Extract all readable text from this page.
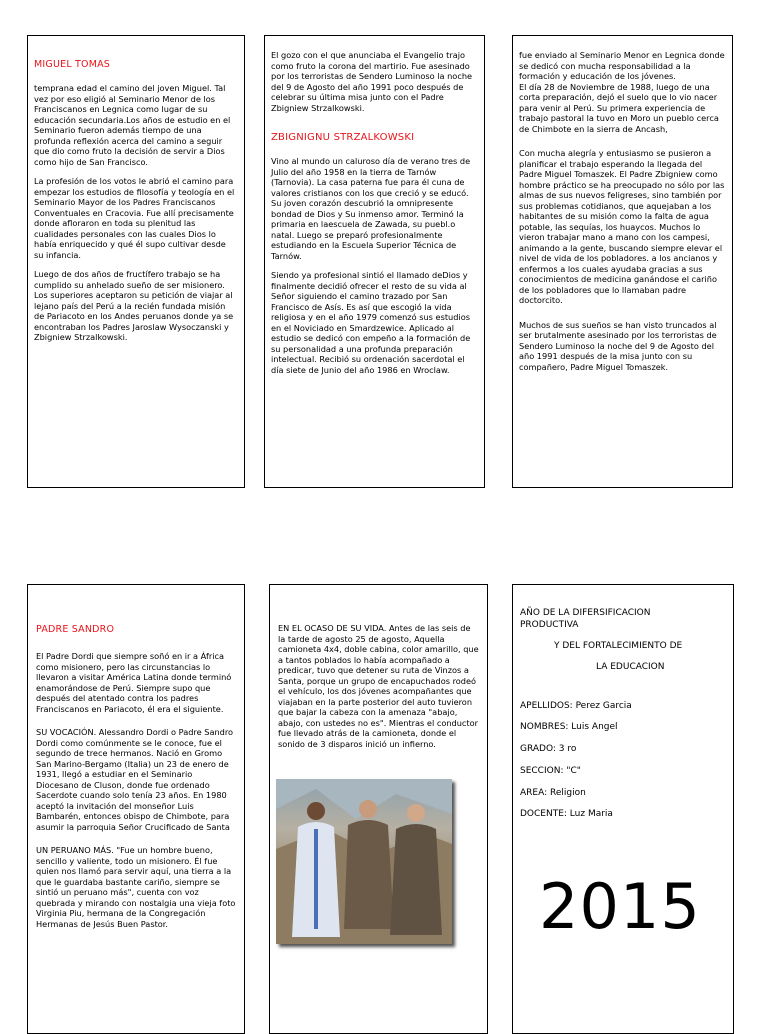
MIGUEL TOMAS

temprana edad el camino del joven Miguel. Tal vez por eso eligió al Seminario Menor de los Franciscanos en Legnica como lugar de su educación secundaria.Los años de estudio en el Seminario fueron además tiempo de una profunda reflexión acerca del camino a seguir que dio como fruto la decisión de servir a Dios como hijo de San Francisco.

La profesión de los votos le abrió el camino para empezar los estudios de filosofía y teología en el Seminario Mayor de los Padres Franciscanos Conventuales en Cracovia. Fue allí precisamente donde afloraron en toda su plenitud las cualidades personales con las cuales Dios lo había enriquecido y qué él supo cultivar desde su infancia.

Luego de dos años de fructífero trabajo se ha cumplido su anhelado sueño de ser misionero. Los superiores aceptaron su petición de viajar al lejano país del Perú a la recién fundada misión de Pariacoto en los Andes peruanos donde ya se encontraban los Padres Jaroslaw Wysoczanski y Zbigniew Strzalkowski.

El gozo con el que anunciaba el Evangelio trajo como fruto la corona del martirio. Fue asesinado por los terroristas de Sendero Luminoso la noche del 9 de Agosto del año 1991 poco después de celebrar su última misa junto con el Padre Zbigniew Strzalkowski.

ZBIGNIGNU STRZALKOWSKI

Vino al mundo un caluroso día de verano tres de Julio del año 1958 en la tierra de Tarnów (Tarnovia). La casa paterna fue para él cuna de valores cristianos con los que creció y se educó. Su joven corazón descubrió la omnipresente bondad de Dios y Su inmenso amor. Terminó la primaria en laescuela de Zawada, su puebl.o natal. Luego se preparó profesionalmente estudiando en la Escuela Superior Técnica de Tarnów.

Siendo ya profesional sintió el llamado deDios y finalmente decidió ofrecer el resto de su vida al Señor siguiendo el camino trazado por San Francisco de Asís. Es así que escogió la vida religiosa y en el año 1979 comenzó sus estudios en el Noviciado en Smardzewice. Aplicado al estudio se dedicó con empeño a la formación de su personalidad a una profunda preparación intelectual. Recibió su ordenación sacerdotal el día siete de Junio del año 1986 en Wroclaw.

fue enviado al Seminario Menor en Legnica donde se dedicó con mucha responsabilidad a la formación y educación de los jóvenes.

El día 28 de Noviembre de 1988, luego de una corta preparación, dejó el suelo que lo vio nacer para venir al Perú. Su primera experiencia de trabajo pastoral la tuvo en Moro un pueblo cerca de Chimbote en la sierra de Ancash,

Con mucha alegría y entusiasmo se pusieron a planificar el trabajo esperando la llegada del Padre Miguel Tomaszek. El Padre Zbigniew como hombre práctico se ha preocupado no sólo por las almas de sus nuevos feligreses, sino también por sus problemas cotidianos, que aquejaban a los habitantes de su misión como la falta de agua potable, las sequías, los huaycos. Muchos lo vieron trabajar mano a mano con los campesi, animando a la gente, buscando siempre elevar el nivel de vida de los pobladores. a los ancianos y enfermos a los cuales ayudaba gracias a sus conocimientos de medicina ganándose el cariño de los pobladores que lo llamaban padre doctorcito.

Muchos de sus sueños se han visto truncados al ser brutalmente asesinado por los terroristas de Sendero Luminoso la noche del 9 de Agosto del año 1991 después de la misa junto con su compañero, Padre Miguel Tomaszek.

PADRE SANDRO

El Padre Dordi que siempre soñó en ir a África como misionero, pero las circunstancias lo llevaron a visitar América Latina donde terminó enamorándose de Perú. Siempre supo que después del atentado contra los padres Franciscanos en Pariacoto, él era el siguiente.

SU VOCACIÓN. Alessandro Dordi o Padre Sandro Dordi como comúnmente se le conoce, fue el segundo de trece hermanos. Nació en Gromo San Marino-Bergamo (Italia) un 23 de enero de 1931, llegó a estudiar en el Seminario Diocesano de Cluson, donde fue ordenado Sacerdote cuando solo tenía 23 años. En 1980 aceptó la invitación del monseñor Luis Bambarén, entonces obispo de Chimbote, para asumir la parroquia Señor Crucificado de Santa

UN PERUANO MÁS. "Fue un hombre bueno, sencillo y valiente, todo un misionero. Él fue quien nos llamó para servir aquí, una tierra a la que le guardaba bastante cariño, siempre se sintió un peruano más", cuenta con voz quebrada y mirando con nostalgia una vieja foto Virginia Piu, hermana de la Congregación Hermanas de Jesús Buen Pastor.

EN EL OCASO DE SU VIDA. Antes de las seis de la tarde de agosto 25 de agosto, Aquella camioneta 4x4, doble cabina, color amarillo, que a tantos poblados lo había acompañado a predicar, tuvo que detener su ruta de Vinzos a Santa, porque un grupo de encapuchados rodeó el vehículo, los dos jóvenes acompañantes que viajaban en la parte posterior del auto tuvieron que bajar la cabeza con la amenaza "abajo, abajo, con ustedes no es". Mientras el conductor fue llevado atrás de la camioneta, donde el sonido de 3 disparos inició un infierno.

AÑO DE LA DIFERSIFICACION PRODUCTIVA

Y DEL FORTALECIMIENTO DE

LA EDUCACION

APELLIDOS: Perez Garcia

NOMBRES: Luis Angel

GRADO: 3 ro

SECCION: "C"

AREA: Religion

DOCENTE: Luz Maria

2015
